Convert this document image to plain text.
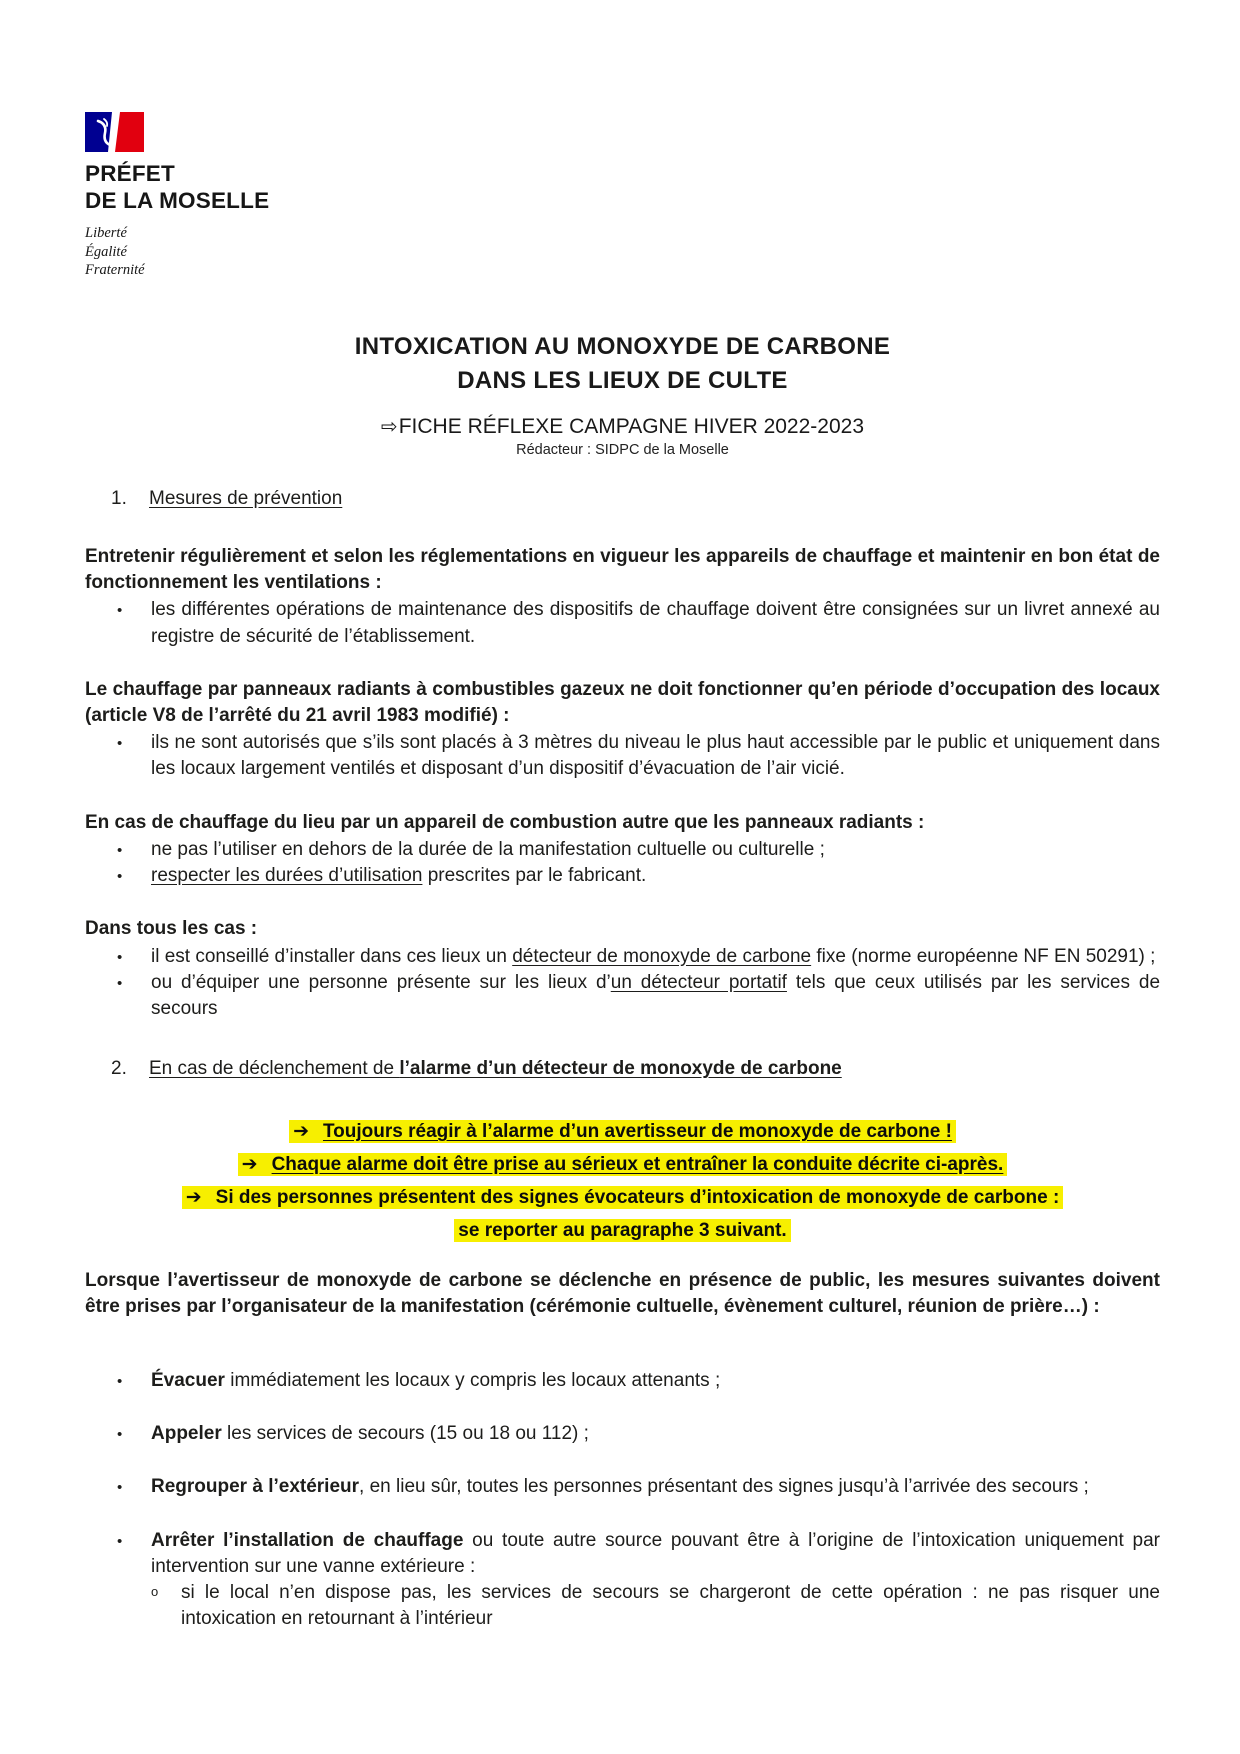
PRÉFET
DE LA MOSELLE
Liberté
Égalité
Fraternité
INTOXICATION AU MONOXYDE DE CARBONE
DANS LES LIEUX DE CULTE
⇨FICHE RÉFLEXE CAMPAGNE HIVER 2022-2023
Rédacteur : SIDPC de la Moselle
1.	Mesures de prévention
Entretenir régulièrement et selon les réglementations en vigueur les appareils de chauffage et maintenir en bon état de fonctionnement les ventilations :
•	les différentes opérations de maintenance des dispositifs de chauffage doivent être consignées sur un livret annexé au registre de sécurité de l’établissement.
Le chauffage par panneaux radiants à combustibles gazeux ne doit fonctionner qu’en période d’occupation des locaux (article V8 de l’arrêté du 21 avril 1983 modifié) :
•	ils ne sont autorisés que s’ils sont placés à 3 mètres du niveau le plus haut accessible par le public et uniquement dans les locaux largement ventilés et disposant d’un dispositif d’évacuation de l’air vicié.
En cas de chauffage du lieu par un appareil de combustion autre que les panneaux radiants :
•	ne pas l’utiliser en dehors de la durée de la manifestation cultuelle ou culturelle ;
•	respecter les durées d’utilisation prescrites par le fabricant.
Dans tous les cas :
•	il est conseillé d’installer dans ces lieux un détecteur de monoxyde de carbone fixe (norme européenne NF EN 50291) ;
•	ou d’équiper une personne présente sur les lieux d’un détecteur portatif tels que ceux utilisés par les services de secours
2.	En cas de déclenchement de l’alarme d’un détecteur de monoxyde de carbone
➔ Toujours réagir à l’alarme d’un avertisseur de monoxyde de carbone !
➔ Chaque alarme doit être prise au sérieux et entraîner la conduite décrite ci-après.
➔ Si des personnes présentent des signes évocateurs d’intoxication de monoxyde de carbone :
se reporter au paragraphe 3 suivant.
Lorsque l’avertisseur de monoxyde de carbone se déclenche en présence de public, les mesures suivantes doivent être prises par l’organisateur de la manifestation (cérémonie cultuelle, évènement culturel, réunion de prière…) :
•	Évacuer immédiatement les locaux y compris les locaux attenants ;
•	Appeler les services de secours (15 ou 18 ou 112) ;
•	Regrouper à l’extérieur, en lieu sûr, toutes les personnes présentant des signes jusqu’à l’arrivée des secours ;
•	Arrêter l’installation de chauffage ou toute autre source pouvant être à l’origine de l’intoxication uniquement par intervention sur une vanne extérieure :
o	si le local n’en dispose pas, les services de secours se chargeront de cette opération : ne pas risquer une intoxication en retournant à l’intérieur
